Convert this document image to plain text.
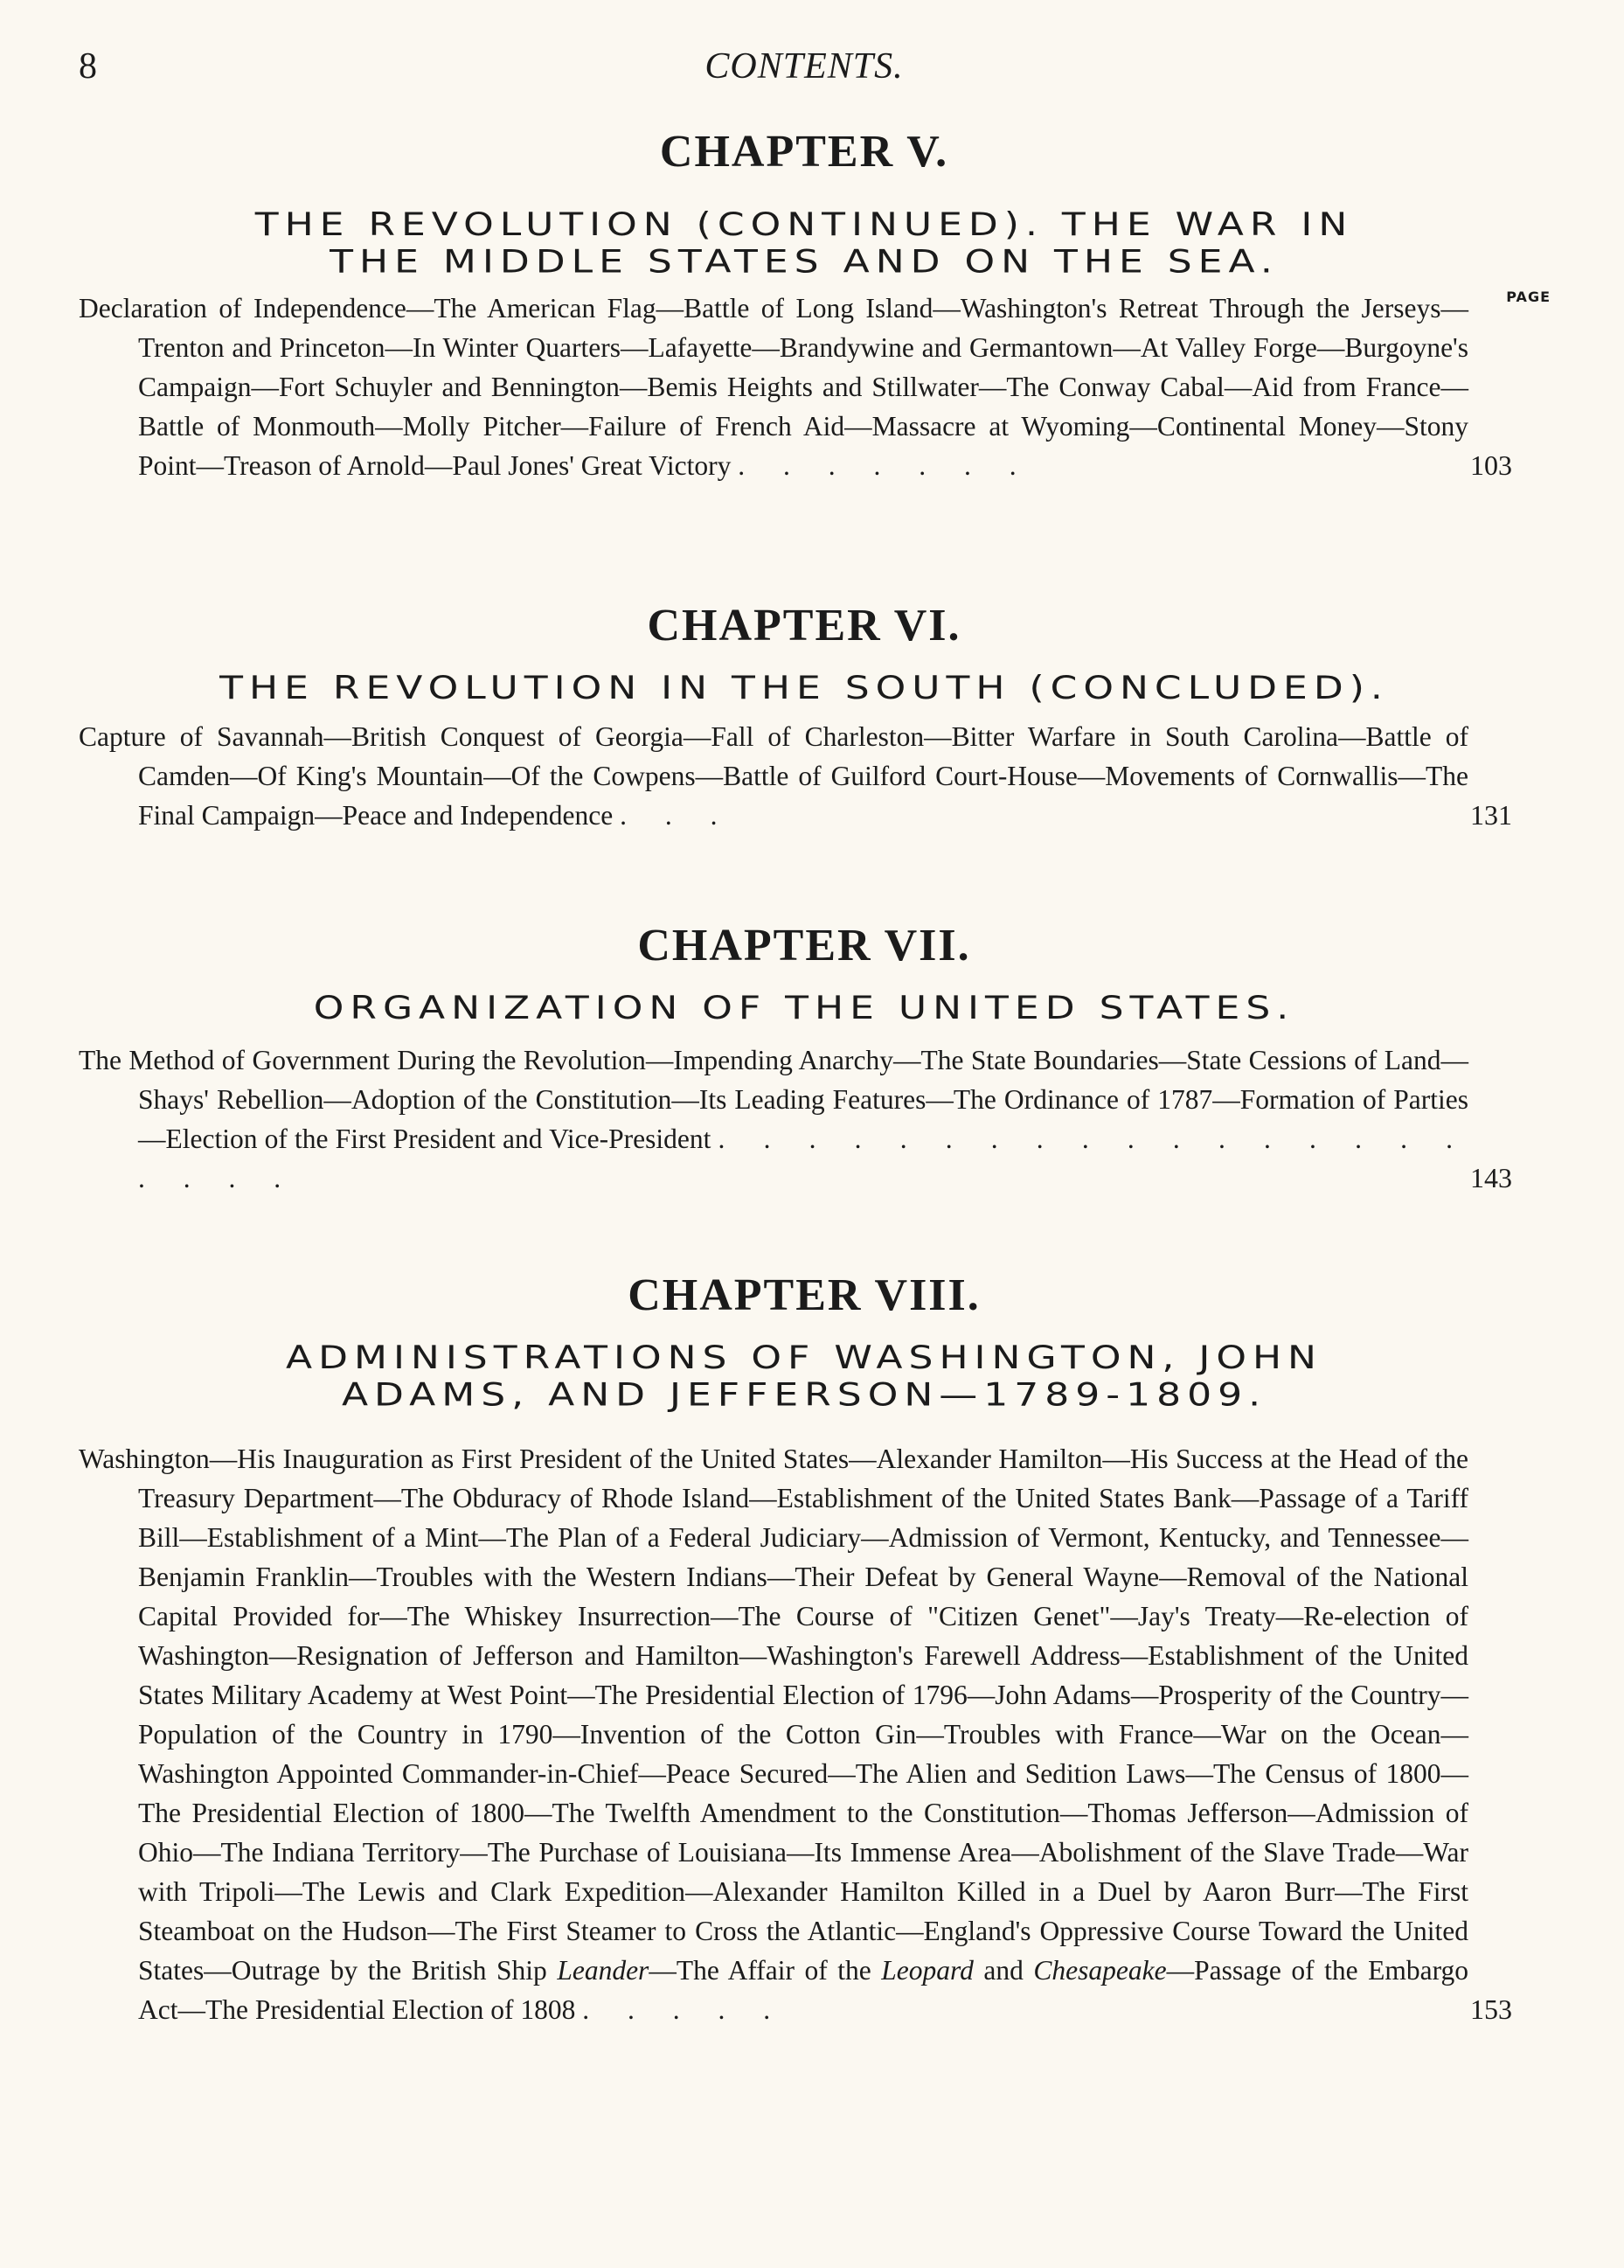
8	CONTENTS.
CHAPTER V.
THE REVOLUTION (CONTINUED). THE WAR IN
THE MIDDLE STATES AND ON THE SEA.
PAGE

Declaration of Independence—The American Flag—Battle of Long Island—Washington's Retreat Through the Jerseys—Trenton and Princeton—In Winter Quarters—Lafayette—Brandywine and Germantown—At Valley Forge—Burgoyne's Campaign—Fort Schuyler and Bennington—Bemis Heights and Stillwater—The Conway Cabal—Aid from France—Battle of Monmouth—Molly Pitcher—Failure of French Aid—Massacre at Wyoming—Continental Money—Stony Point—Treason of Arnold—Paul Jones' Great Victory . . . . . . .	103

CHAPTER VI.
THE REVOLUTION IN THE SOUTH (CONCLUDED).

Capture of Savannah—British Conquest of Georgia—Fall of Charleston—Bitter Warfare in South Carolina—Battle of Camden—Of King's Mountain—Of the Cowpens—Battle of Guilford Court-House—Movements of Cornwallis—The Final Campaign—Peace and Independence . . .	131

CHAPTER VII.
ORGANIZATION OF THE UNITED STATES.

The Method of Government During the Revolution—Impending Anarchy—The State Boundaries—State Cessions of Land—Shays' Rebellion—Adoption of the Constitution—Its Leading Features—The Ordinance of 1787—Formation of Parties—Election of the First President and Vice-President . . . . . . . . . . . . . . . . . . . . .	143

CHAPTER VIII.
ADMINISTRATIONS OF WASHINGTON, JOHN
ADAMS, AND JEFFERSON—1789-1809.

Washington—His Inauguration as First President of the United States—Alexander Hamilton—His Success at the Head of the Treasury Department—The Obduracy of Rhode Island—Establishment of the United States Bank—Passage of a Tariff Bill—Establishment of a Mint—The Plan of a Federal Judiciary—Admission of Vermont, Kentucky, and Tennessee—Benjamin Franklin—Troubles with the Western Indians—Their Defeat by General Wayne—Removal of the National Capital Provided for—The Whiskey Insurrection—The Course of "Citizen Genet"—Jay's Treaty—Re-election of Washington—Resignation of Jefferson and Hamilton—Washington's Farewell Address—Establishment of the United States Military Academy at West Point—The Presidential Election of 1796—John Adams—Prosperity of the Country—Population of the Country in 1790—Invention of the Cotton Gin—Troubles with France—War on the Ocean—Washington Appointed Commander-in-Chief—Peace Secured—The Alien and Sedition Laws—The Census of 1800—The Presidential Election of 1800—The Twelfth Amendment to the Constitution—Thomas Jefferson—Admission of Ohio—The Indiana Territory—The Purchase of Louisiana—Its Immense Area—Abolishment of the Slave Trade—War with Tripoli—The Lewis and Clark Expedition—Alexander Hamilton Killed in a Duel by Aaron Burr—The First Steamboat on the Hudson—The First Steamer to Cross the Atlantic—England's Oppressive Course Toward the United States—Outrage by the British Ship Leander—The Affair of the Leopard and Chesapeake—Passage of the Embargo Act—The Presidential Election of 1808 . . . . .	153
